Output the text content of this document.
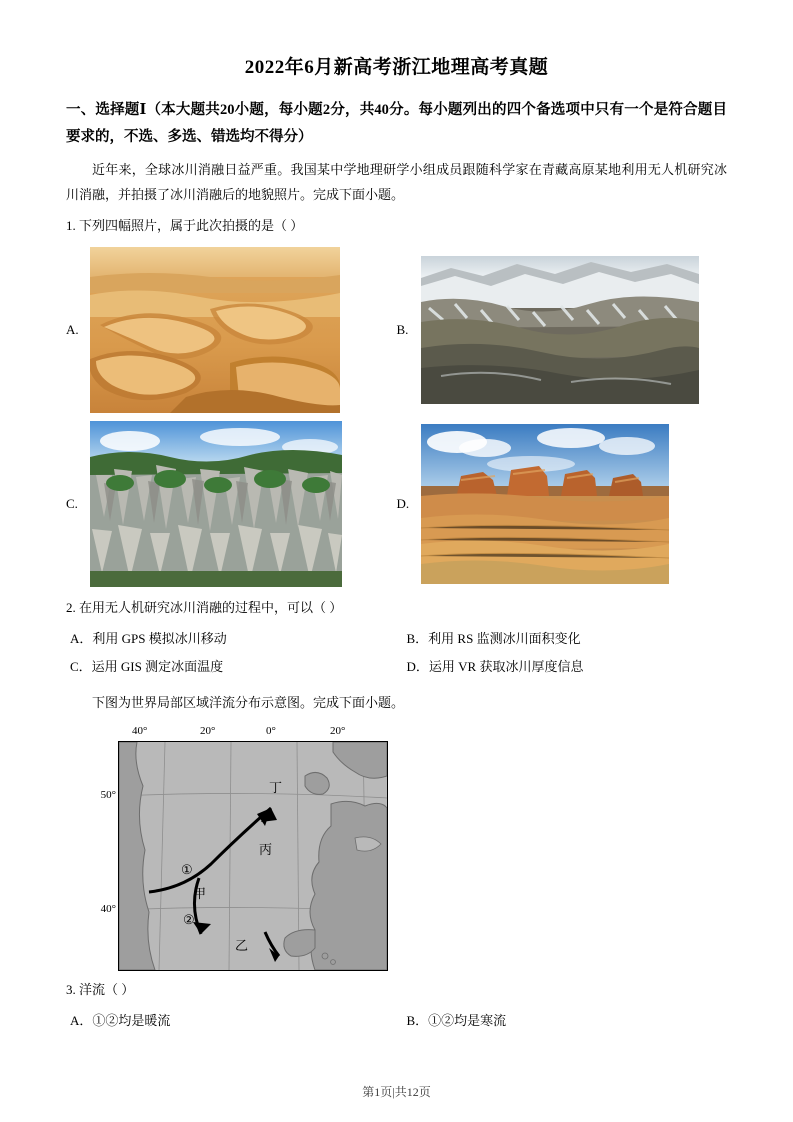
2022年6月新高考浙江地理高考真题

一、选择题Ⅰ（本大题共20小题，每小题2分，共40分。每小题列出的四个备选项中只有一个是符合题目要求的，不选、多选、错选均不得分）

近年来，全球冰川消融日益严重。我国某中学地理研学小组成员跟随科学家在青藏高原某地利用无人机研究冰川消融，并拍摄了冰川消融后的地貌照片。完成下面小题。

1. 下列四幅照片，属于此次拍摄的是（ ）

A.	B.
C.	D.

2. 在用无人机研究冰川消融的过程中，可以（ ）

A．利用 GPS 模拟冰川移动	B．利用 RS 监测冰川面积变化
C．运用 GIS 测定冰面温度	D．运用 VR 获取冰川厚度信息

下图为世界局部区域洋流分布示意图。完成下面小题。

40°	20°	0°	20°
50°
40°
①
②
甲
乙
丙
丁

3. 洋流（ ）

A．①②均是暖流	B．①②均是寒流
第1页|共12页
